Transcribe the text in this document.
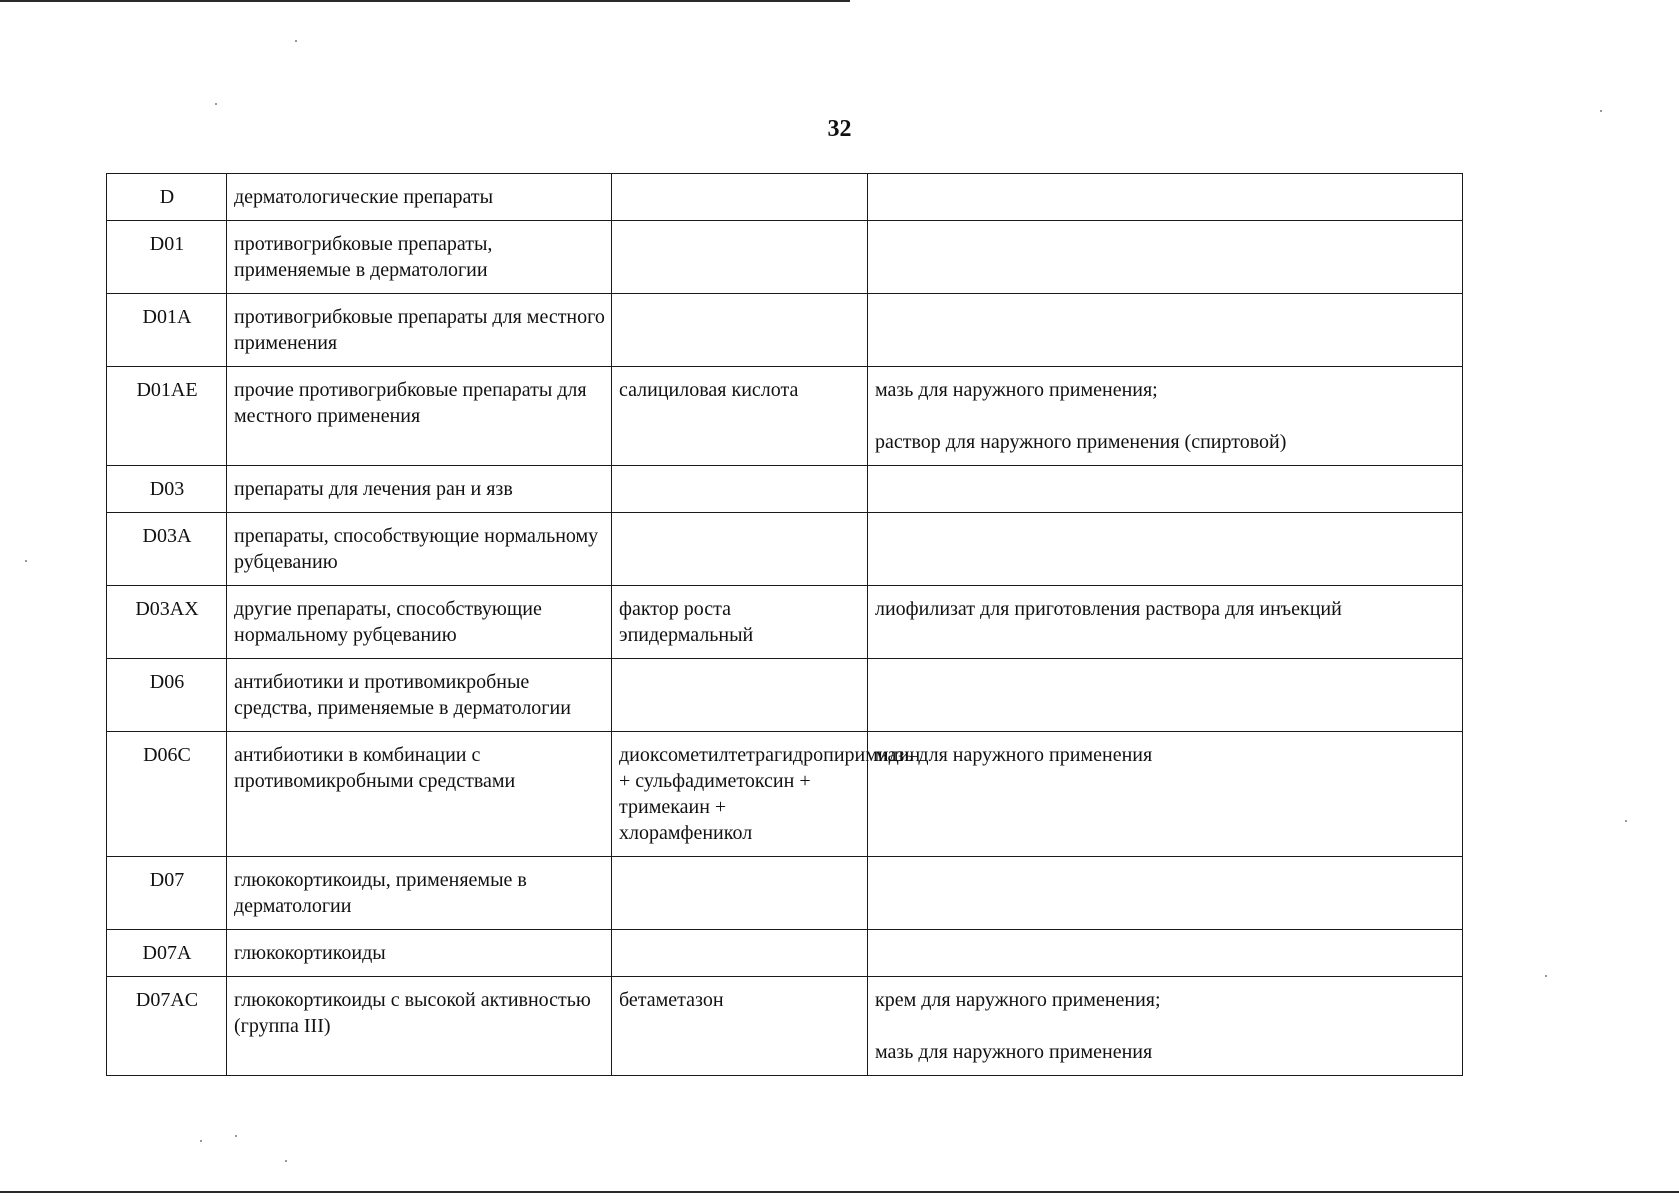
32
D	дерматологические препараты		
D01	противогрибковые препараты, применяемые в дерматологии		
D01A	противогрибковые препараты для местного применения		
D01AE	прочие противогрибковые препараты для местного применения	салициловая кислота	мазь для наружного применения;
раствор для наружного применения (спиртовой)

D03	препараты для лечения ран и язв		
D03A	препараты, способствующие нормальному рубцеванию		
D03AX	другие препараты, способствующие нормальному рубцеванию	фактор роста эпидермальный	лиофилизат для приготовления раствора для инъекций

D06	антибиотики и противомикробные средства, применяемые в дерматологии		
D06C	антибиотики в комбинации с противомикробными средствами	диоксометилтетрагидропиримидин + сульфадиметоксин + тримекаин + хлорамфеникол	мазь для наружного применения

D07	глюкокортикоиды, применяемые в дерматологии		
D07A	глюкокортикоиды		
D07AC	глюкокортикоиды с высокой активностью (группа III)	бетаметазон	крем для наружного применения;
мазь для наружного применения
